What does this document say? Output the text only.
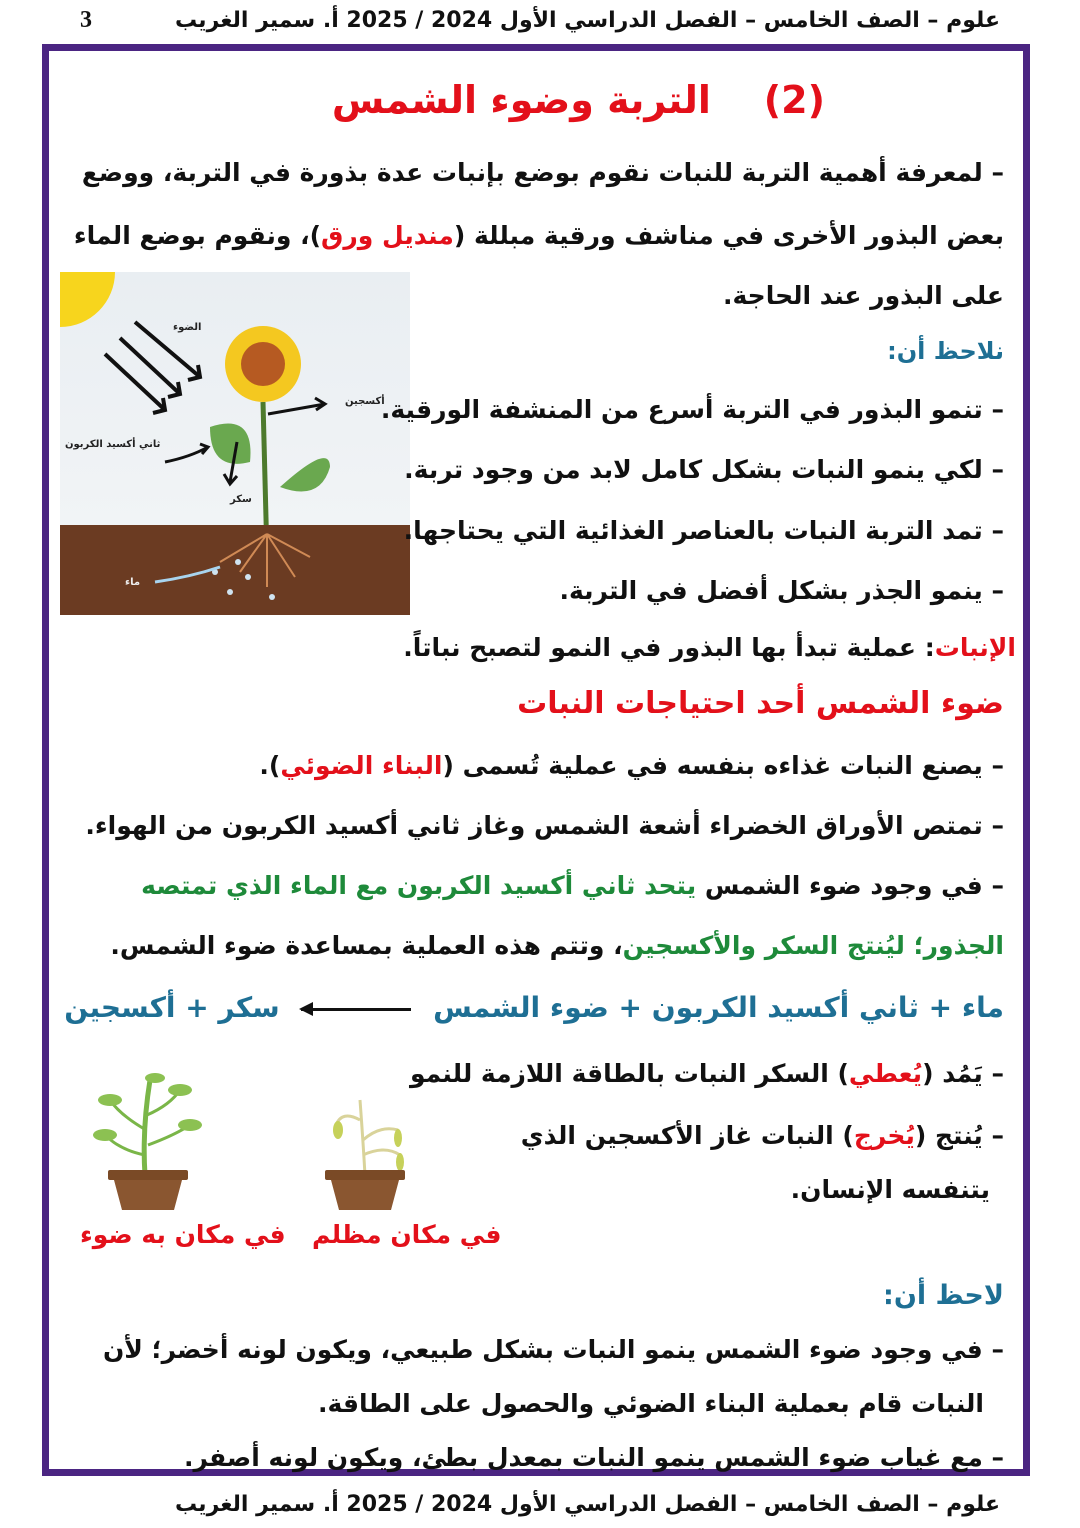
علوم – الصف الخامس – الفصل الدراسي الأول 2024 / 2025 أ. سمير الغريب
3
(2)    التربة وضوء الشمس
– لمعرفة أهمية التربة للنبات نقوم بوضع بإنبات عدة بذورة في التربة، ووضع
بعض البذور الأخرى في مناشف ورقية مبللة (منديل ورق)، ونقوم بوضع الماء
على البذور عند الحاجة.
الضوء
أكسجين
ثاني أكسيد الكربون
سكر
ماء
نلاحظ أن:
– تنمو البذور في التربة أسرع من المنشفة الورقية.
– لكي ينمو النبات بشكل كامل لابد من وجود تربة.
– تمد التربة النبات بالعناصر الغذائية التي يحتاجها.
– ينمو الجذر بشكل أفضل في التربة.
الإنبات: عملية تبدأ بها البذور في النمو لتصبح نباتاً.
ضوء الشمس أحد احتياجات النبات
– يصنع النبات غذاءه بنفسه في عملية تُسمى (البناء الضوئي).
– تمتص الأوراق الخضراء أشعة الشمس وغاز ثاني أكسيد الكربون من الهواء.
– في وجود ضوء الشمس يتحد ثاني أكسيد الكربون مع الماء الذي تمتصه
الجذور؛ ليُنتج السكر والأكسجين، وتتم هذه العملية بمساعدة ضوء الشمس.
ماء + ثاني أكسيد الكربون + ضوء الشمس  سكر + أكسجين
– يَمُد (يُعطي) السكر النبات بالطاقة اللازمة للنمو
– يُنتج (يُخرج) النبات غاز الأكسجين الذي
يتنفسه الإنسان.
في مكان به ضوء في مكان مظلم
لاحظ أن:
– في وجود ضوء الشمس ينمو النبات بشكل طبيعي، ويكون لونه أخضر؛ لأن
النبات قام بعملية البناء الضوئي والحصول على الطاقة.
– مع غياب ضوء الشمس ينمو النبات بمعدل بطئ، ويكون لونه أصفر.
علوم – الصف الخامس – الفصل الدراسي الأول 2024 / 2025 أ. سمير الغريب
